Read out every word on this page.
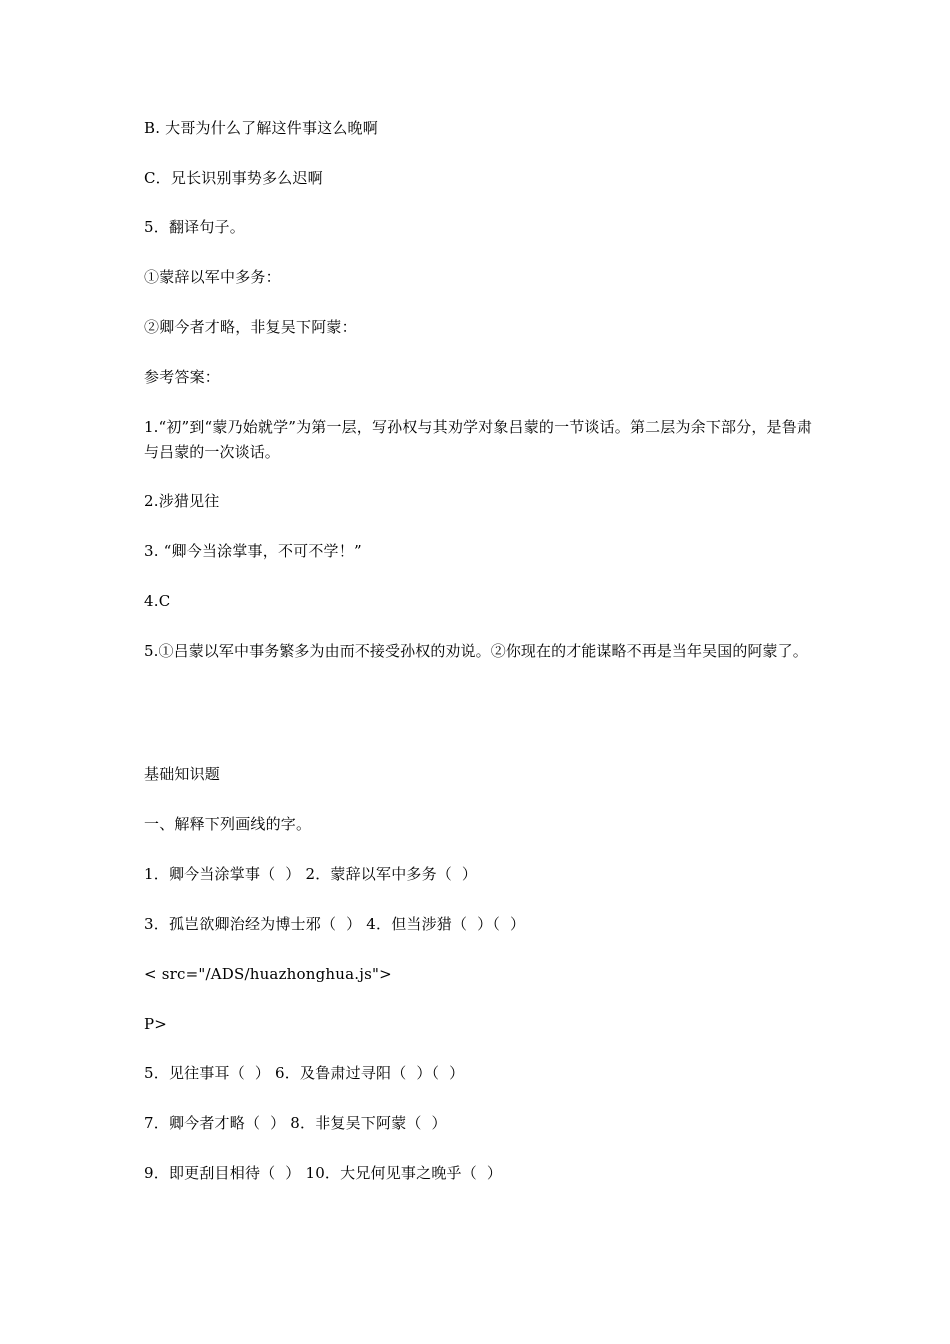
B. 大哥为什么了解这件事这么晚啊
C．兄长识别事势多么迟啊
5．翻译句子。
①蒙辞以军中多务：
②卿今者才略，非复吴下阿蒙：
参考答案：
1.“初”到“蒙乃始就学”为第一层，写孙权与其劝学对象吕蒙的一节谈话。第二层为余下部分，是鲁肃与吕蒙的一次谈话。
2.涉猎见往
3. “卿今当涂掌事，不可不学！”
4.C
5.①吕蒙以军中事务繁多为由而不接受孙权的劝说。②你现在的才能谋略不再是当年吴国的阿蒙了。
基础知识题
一、解释下列画线的字。
1．卿今当涂掌事（  ） 2．蒙辞以军中多务（  ）
3．孤岂欲卿治经为博士邪（  ） 4．但当涉猎（  ）（  ）
< src="/ADS/huazhonghua.js">
P>
5．见往事耳（  ） 6．及鲁肃过寻阳（  ）（  ）
7．卿今者才略（  ） 8．非复吴下阿蒙（  ）
9．即更刮目相待（  ） 10．大兄何见事之晚乎（  ）
